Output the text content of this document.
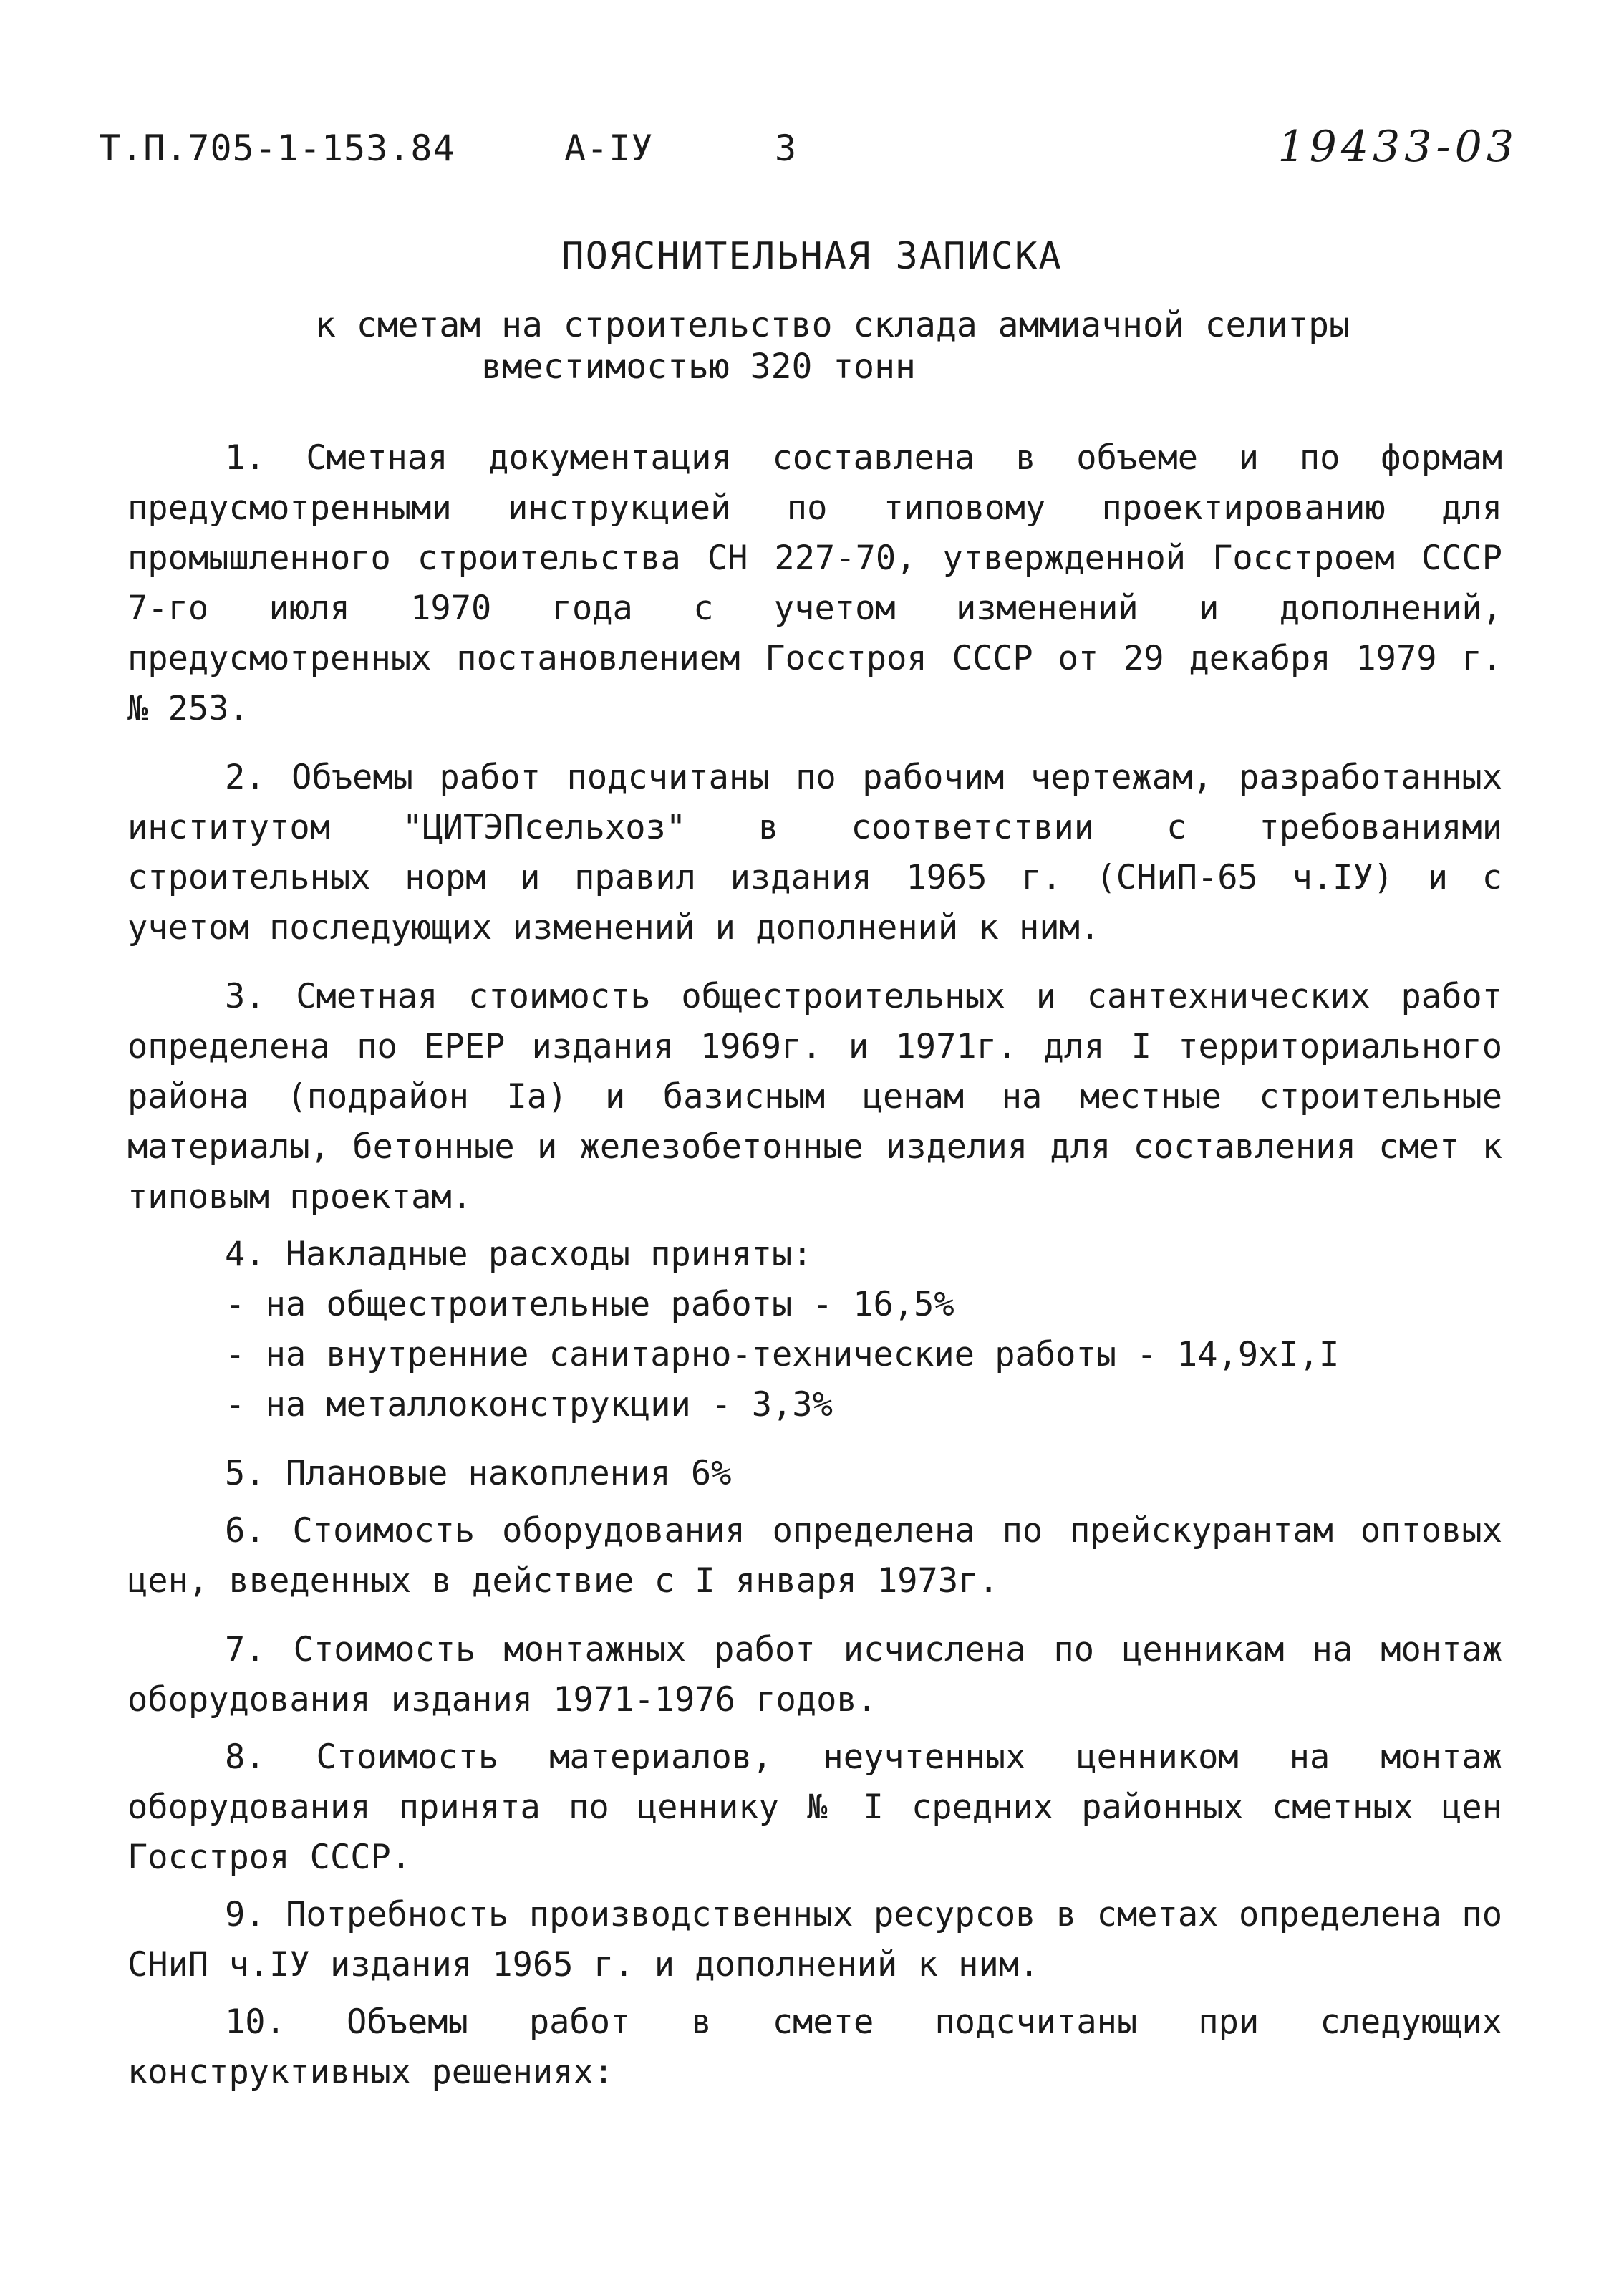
Т.П.705-1-153.84	А-IУ	3	19433-03
ПОЯСНИТЕЛЬНАЯ ЗАПИСКА
к сметам на строительство склада аммиачной селитры
вместимостью 320 тонн

1. Сметная документация составлена в объеме и по формам предусмотренными инструкцией по типовому проектированию для промышленного строительства СН 227-70, утвержденной Госстроем СССР 7-го июля 1970 года с учетом изменений и дополнений, предусмотренных постановлением Госстроя СССР от 29 декабря 1979 г. № 253.

2. Объемы работ подсчитаны по рабочим чертежам, разработанных институтом "ЦИТЭПсельхоз" в соответствии с требованиями строительных норм и правил издания 1965 г. (СНиП-65 ч.IУ) и с учетом последующих изменений и дополнений к ним.

3. Сметная стоимость общестроительных и сантехнических работ определена по ЕРЕР издания 1969г. и 1971г. для I территориального района (подрайон Iа) и базисным ценам на местные строительные материалы, бетонные и железобетонные изделия для составления смет к типовым проектам.

4. Накладные расходы приняты:

- на общестроительные работы - 16,5%
- на внутренние санитарно-технические работы - 14,9хI,I
- на металлоконструкции - 3,3%

5. Плановые накопления 6%

6. Стоимость оборудования определена по прейскурантам оптовых цен, введенных в действие с I января 1973г.

7. Стоимость монтажных работ исчислена по ценникам на монтаж оборудования издания 1971-1976 годов.

8. Стоимость материалов, неучтенных ценником на монтаж оборудования принята по ценнику № I средних районных сметных цен Госстроя СССР.

9. Потребность производственных ресурсов в сметах определена по СНиП ч.IУ издания 1965 г. и дополнений к ним.

10. Объемы работ в смете подсчитаны при следующих конструктивных решениях:
